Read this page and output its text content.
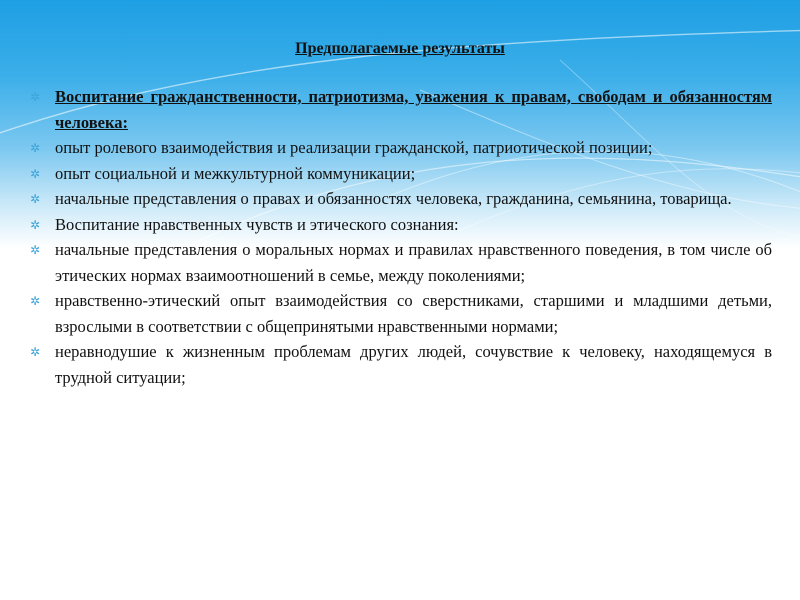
Предполагаемые результаты
✲ Воспитание гражданственности, патриотизма, уважения к правам, свободам и обязанностям человека:
✲ опыт ролевого взаимодействия и реализации гражданской, патриотической позиции;
✲ опыт социальной и межкультурной коммуникации;
✲ начальные представления о правах и обязанностях человека, гражданина, семьянина, товарища.
✲ Воспитание нравственных чувств и этического сознания:
✲ начальные представления о моральных нормах и правилах нравственного поведения, в том числе об этических нормах взаимоотношений в семье, между поколениями;
✲ нравственно-этический опыт взаимодействия со сверстниками, старшими и младшими детьми, взрослыми в соответствии с общепринятыми нравственными нормами;
✲ неравнодушие к жизненным проблемам других людей, сочувствие к человеку, находящемуся в трудной ситуации;
